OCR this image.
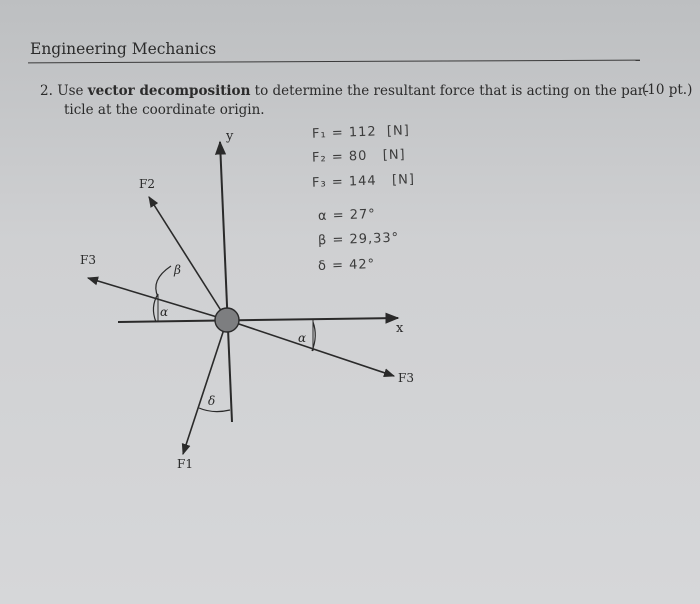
Engineering Mechanics
2. Use vector decomposition to determine the resultant force that is acting on the par-
ticle at the coordinate origin.
(10 pt.)
F₁ = 112  [N]
F₂ = 80   [N]
F₃ = 144   [N]
α = 27°
β = 29,33°
δ = 42°
y
x
F2
F3
F3
F1
α
α
β
δ
